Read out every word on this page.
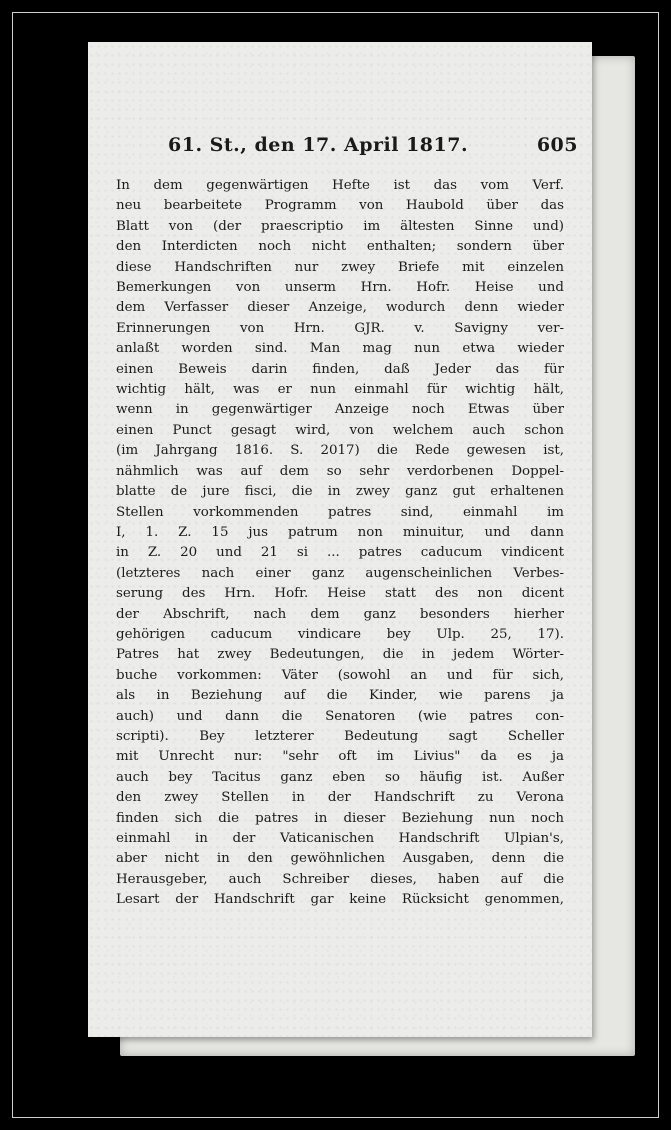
61. St., den 17. April 1817.	605
In dem gegenwärtigen Hefte ist das vom Verf.
neu bearbeitete Programm von Haubold über das
Blatt von (der praescriptio im ältesten Sinne und)
den Interdicten noch nicht enthalten; sondern über
diese Handschriften nur zwey Briefe mit einzelen
Bemerkungen von unserm Hrn. Hofr. Heise und
dem Verfasser dieser Anzeige, wodurch denn wieder
Erinnerungen von Hrn. GJR. v. Savigny ver-
anlaßt worden sind. Man mag nun etwa wieder
einen Beweis darin finden, daß Jeder das für
wichtig hält, was er nun einmahl für wichtig hält,
wenn in gegenwärtiger Anzeige noch Etwas über
einen Punct gesagt wird, von welchem auch schon
(im Jahrgang 1816. S. 2017) die Rede gewesen ist,
nähmlich was auf dem so sehr verdorbenen Doppel-
blatte de jure fisci, die in zwey ganz gut erhaltenen
Stellen vorkommenden patres sind, einmahl im
I, 1. Z. 15 jus patrum non minuitur, und dann
in Z. 20 und 21 si ... patres caducum vindicent
(letzteres nach einer ganz augenscheinlichen Verbes-
serung des Hrn. Hofr. Heise statt des non dicent
der Abschrift, nach dem ganz besonders hierher
gehörigen caducum vindicare bey Ulp. 25, 17).
Patres hat zwey Bedeutungen, die in jedem Wörter-
buche vorkommen: Väter (sowohl an und für sich,
als in Beziehung auf die Kinder, wie parens ja
auch) und dann die Senatoren (wie patres con-
scripti). Bey letzterer Bedeutung sagt Scheller
mit Unrecht nur: "sehr oft im Livius" da es ja
auch bey Tacitus ganz eben so häufig ist. Außer
den zwey Stellen in der Handschrift zu Verona
finden sich die patres in dieser Beziehung nun noch
einmahl in der Vaticanischen Handschrift Ulpian's,
aber nicht in den gewöhnlichen Ausgaben, denn die
Herausgeber, auch Schreiber dieses, haben auf die
Lesart der Handschrift gar keine Rücksicht genommen,
